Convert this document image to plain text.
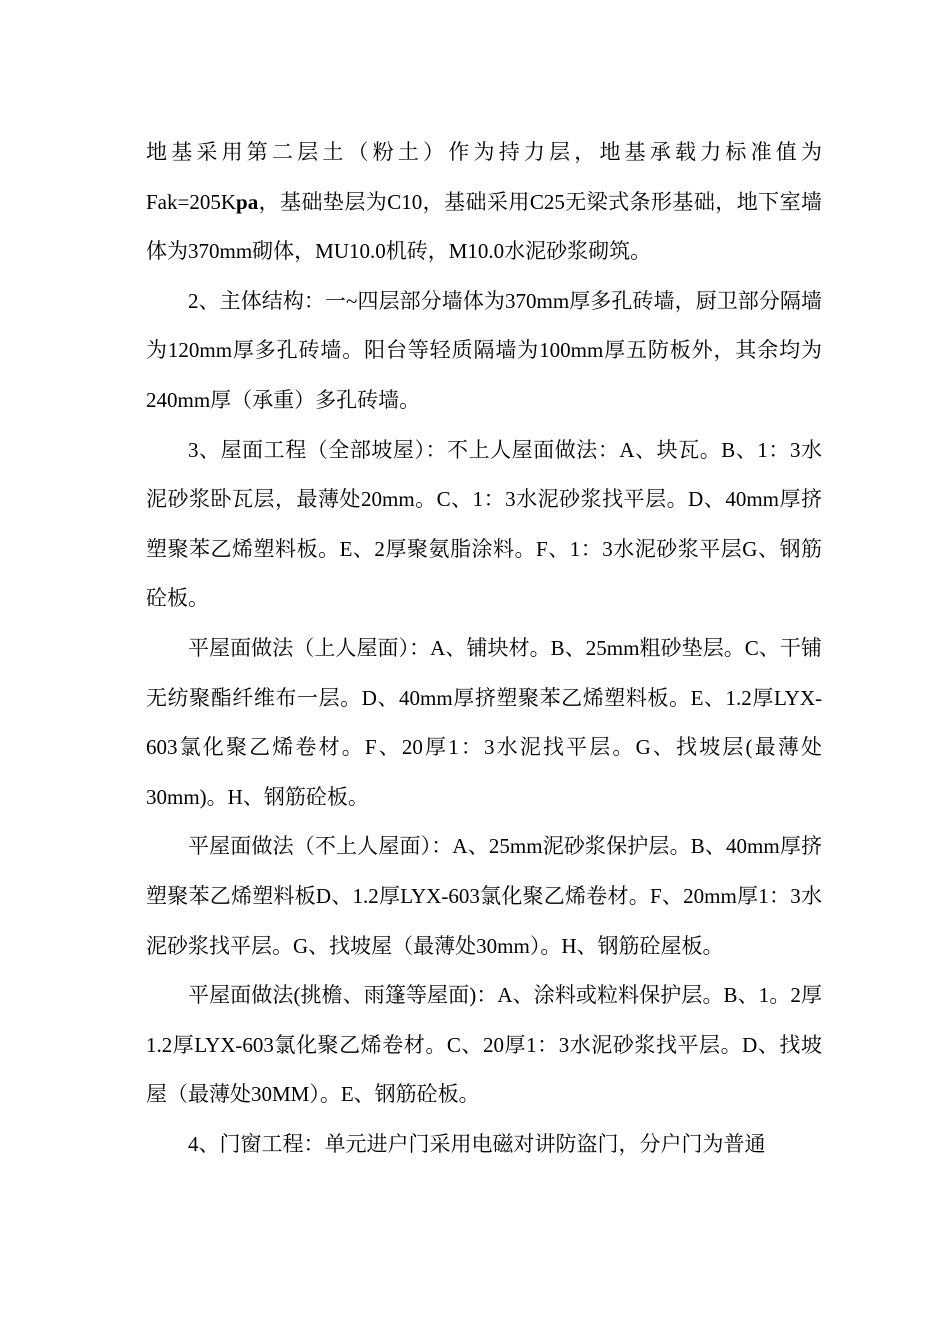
地基采用第二层土（粉土）作为持力层，地基承载力标准值为Fak=205Kpa，基础垫层为C10，基础采用C25无梁式条形基础，地下室墙体为370mm砌体，MU10.0机砖，M10.0水泥砂浆砌筑。

2、主体结构：一~四层部分墙体为370mm厚多孔砖墙，厨卫部分隔墙为120mm厚多孔砖墙。阳台等轻质隔墙为100mm厚五防板外，其余均为240mm厚（承重）多孔砖墙。

3、屋面工程（全部坡屋）：不上人屋面做法：A、块瓦。B、1：3水泥砂浆卧瓦层，最薄处20mm。C、1：3水泥砂浆找平层。D、40mm厚挤塑聚苯乙烯塑料板。E、2厚聚氨脂涂料。F、1：3水泥砂浆平层G、钢筋砼板。

平屋面做法（上人屋面）：A、铺块材。B、25mm粗砂垫层。C、干铺无纺聚酯纤维布一层。D、40mm厚挤塑聚苯乙烯塑料板。E、1.2厚LYX-603氯化聚乙烯卷材。F、20厚1：3水泥找平层。G、找坡层(最薄处30mm)。H、钢筋砼板。

平屋面做法（不上人屋面）：A、25mm泥砂浆保护层。B、40mm厚挤塑聚苯乙烯塑料板D、1.2厚LYX-603氯化聚乙烯卷材。F、20mm厚1：3水泥砂浆找平层。G、找坡屋（最薄处30mm）。H、钢筋砼屋板。

平屋面做法(挑檐、雨篷等屋面)：A、涂料或粒料保护层。B、1。2厚1.2厚LYX-603氯化聚乙烯卷材。C、20厚1：3水泥砂浆找平层。D、找坡屋（最薄处30MM）。E、钢筋砼板。

4、门窗工程：单元进户门采用电磁对讲防盗门，分户门为普通
